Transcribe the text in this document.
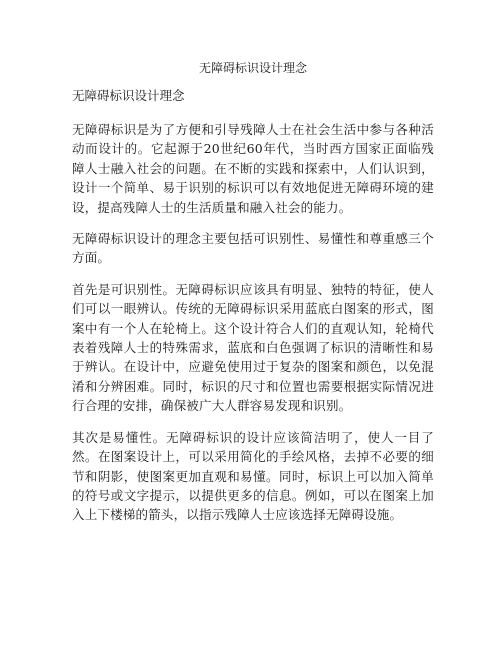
无障碍标识设计理念
无障碍标识设计理念

无障碍标识是为了方便和引导残障人士在社会生活中参与各种活动而设计的。它起源于20世纪60年代，当时西方国家正面临残障人士融入社会的问题。在不断的实践和探索中，人们认识到，设计一个简单、易于识别的标识可以有效地促进无障碍环境的建设，提高残障人士的生活质量和融入社会的能力。

无障碍标识设计的理念主要包括可识别性、易懂性和尊重感三个方面。

首先是可识别性。无障碍标识应该具有明显、独特的特征，使人们可以一眼辨认。传统的无障碍标识采用蓝底白图案的形式，图案中有一个人在轮椅上。这个设计符合人们的直观认知，轮椅代表着残障人士的特殊需求，蓝底和白色强调了标识的清晰性和易于辨认。在设计中，应避免使用过于复杂的图案和颜色，以免混淆和分辨困难。同时，标识的尺寸和位置也需要根据实际情况进行合理的安排，确保被广大人群容易发现和识别。

其次是易懂性。无障碍标识的设计应该简洁明了，使人一目了然。在图案设计上，可以采用简化的手绘风格，去掉不必要的细节和阴影，使图案更加直观和易懂。同时，标识上可以加入简单的符号或文字提示，以提供更多的信息。例如，可以在图案上加入上下楼梯的箭头，以指示残障人士应该选择无障碍设施。
